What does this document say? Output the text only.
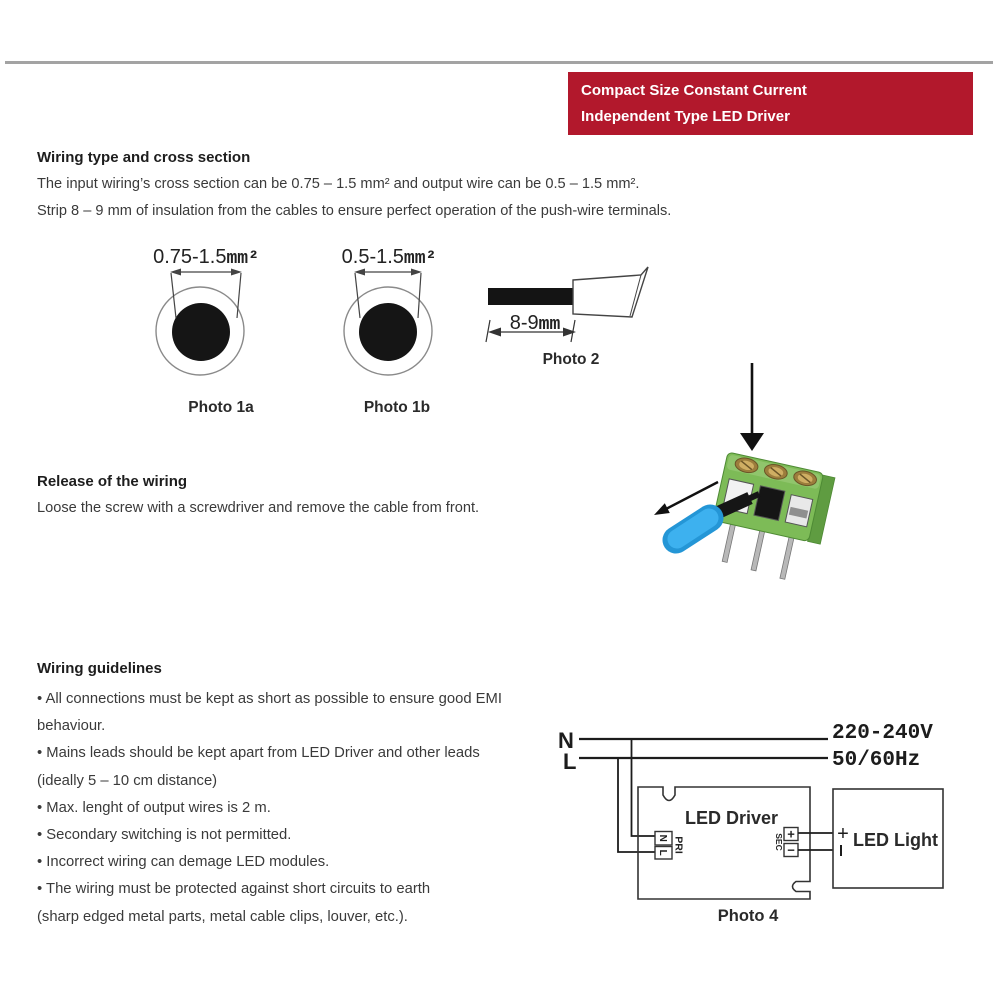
Compact Size Constant Current
Independent Type LED Driver
Wiring type and cross section
The input wiring’s cross section can be 0.75 – 1.5 mm² and output wire can be 0.5 – 1.5 mm².
Strip 8 – 9 mm of insulation from the cables to ensure perfect operation of the push-wire terminals.
0.75-1.5mm²	0.5-1.5mm²
Photo 1a	Photo 1b
8-9mm
Photo 2
Release of the wiring
Loose the screw with a screwdriver and remove the cable from front.
Wiring guidelines
• All connections must be kept as short as possible to ensure good EMI
behaviour.
• Mains leads should be kept apart from LED Driver and other leads
(ideally 5 – 10 cm distance)
• Max. lenght of output wires is 2 m.
• Secondary switching is not permitted.
• Incorrect wiring can demage LED modules.
• The wiring must be protected against short circuits to earth
(sharp edged metal parts, metal cable clips, louver, etc.).
N
L
220-240V
50/60Hz
LED Driver
N
L PRI
+
−
SEC	+ LED Light
Photo 4
